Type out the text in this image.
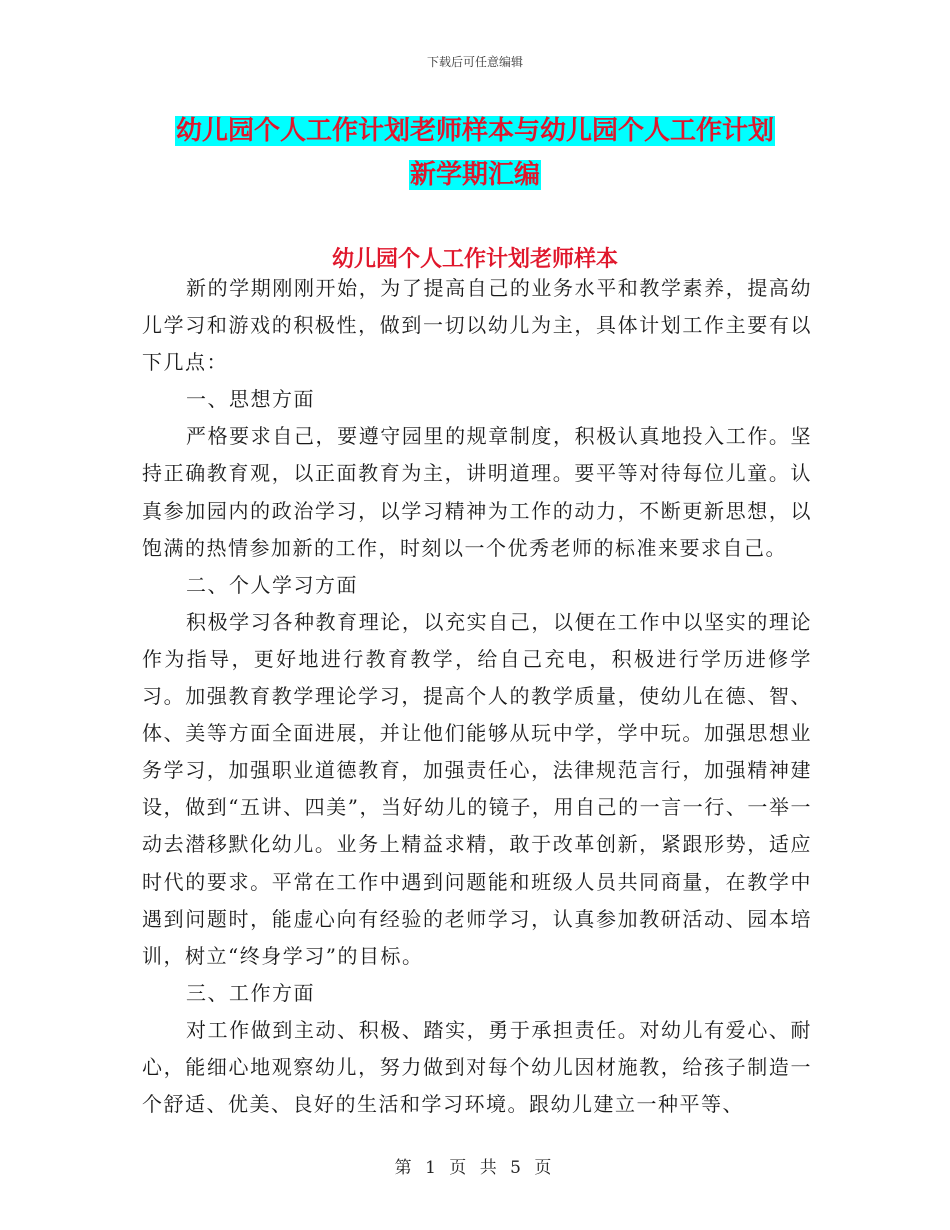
下载后可任意编辑
幼儿园个人工作计划老师样本与幼儿园个人工作计划
新学期汇编
幼儿园个人工作计划老师样本

新的学期刚刚开始，为了提高自己的业务水平和教学素养，提高幼儿学习和游戏的积极性，做到一切以幼儿为主，具体计划工作主要有以下几点：

一、思想方面

严格要求自己，要遵守园里的规章制度，积极认真地投入工作。坚持正确教育观，以正面教育为主，讲明道理。要平等对待每位儿童。认真参加园内的政治学习，以学习精神为工作的动力，不断更新思想，以饱满的热情参加新的工作，时刻以一个优秀老师的标准来要求自己。

二、个人学习方面

积极学习各种教育理论，以充实自己，以便在工作中以坚实的理论作为指导，更好地进行教育教学，给自己充电，积极进行学历进修学习。加强教育教学理论学习，提高个人的教学质量，使幼儿在德、智、体、美等方面全面进展，并让他们能够从玩中学，学中玩。加强思想业务学习，加强职业道德教育，加强责任心，法律规范言行，加强精神建设，做到“五讲、四美”，当好幼儿的镜子，用自己的一言一行、一举一动去潜移默化幼儿。业务上精益求精，敢于改革创新，紧跟形势，适应时代的要求。平常在工作中遇到问题能和班级人员共同商量，在教学中遇到问题时，能虚心向有经验的老师学习，认真参加教研活动、园本培训，树立“终身学习”的目标。

三、工作方面

对工作做到主动、积极、踏实，勇于承担责任。对幼儿有爱心、耐心，能细心地观察幼儿，努力做到对每个幼儿因材施教，给孩子制造一个舒适、优美、良好的生活和学习环境。跟幼儿建立一种平等、

第 1 页 共 5 页
